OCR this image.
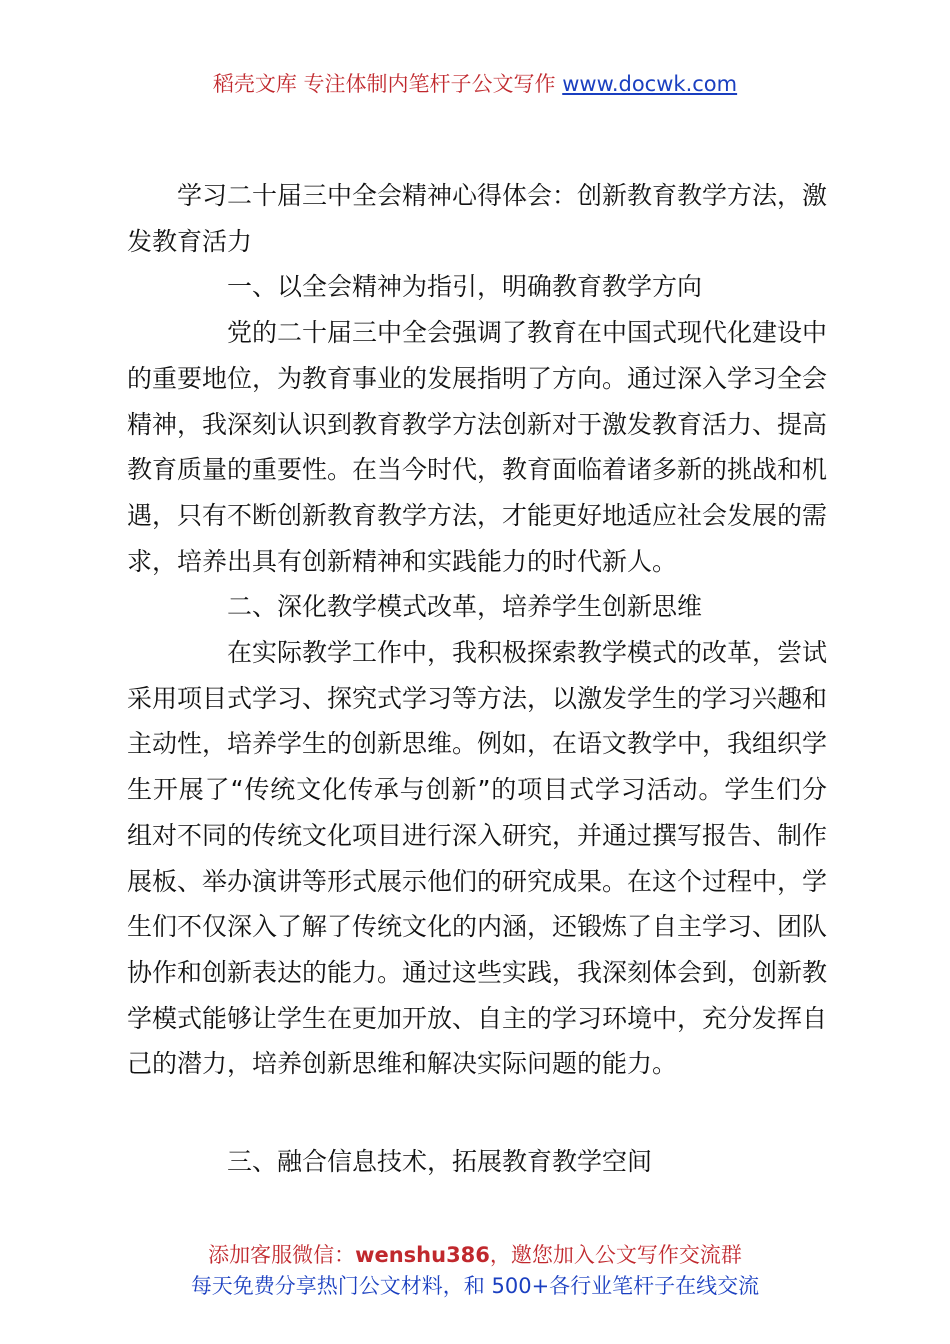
稻壳文库 专注体制内笔杆子公文写作 www.docwk.com

学习二十届三中全会精神心得体会：创新教育教学方法，激发教育活力

一、以全会精神为指引，明确教育教学方向

党的二十届三中全会强调了教育在中国式现代化建设中的重要地位，为教育事业的发展指明了方向。通过深入学习全会精神，我深刻认识到教育教学方法创新对于激发教育活力、提高教育质量的重要性。在当今时代，教育面临着诸多新的挑战和机遇，只有不断创新教育教学方法，才能更好地适应社会发展的需求，培养出具有创新精神和实践能力的时代新人。

二、深化教学模式改革，培养学生创新思维

在实际教学工作中，我积极探索教学模式的改革，尝试采用项目式学习、探究式学习等方法，以激发学生的学习兴趣和主动性，培养学生的创新思维。例如，在语文教学中，我组织学生开展了“传统文化传承与创新”的项目式学习活动。学生们分组对不同的传统文化项目进行深入研究，并通过撰写报告、制作展板、举办演讲等形式展示他们的研究成果。在这个过程中，学生们不仅深入了解了传统文化的内涵，还锻炼了自主学习、团队协作和创新表达的能力。通过这些实践，我深刻体会到，创新教学模式能够让学生在更加开放、自主的学习环境中，充分发挥自己的潜力，培养创新思维和解决实际问题的能力。

三、融合信息技术，拓展教育教学空间

添加客服微信：wenshu386，邀您加入公文写作交流群
每天免费分享热门公文材料，和 500+各行业笔杆子在线交流
